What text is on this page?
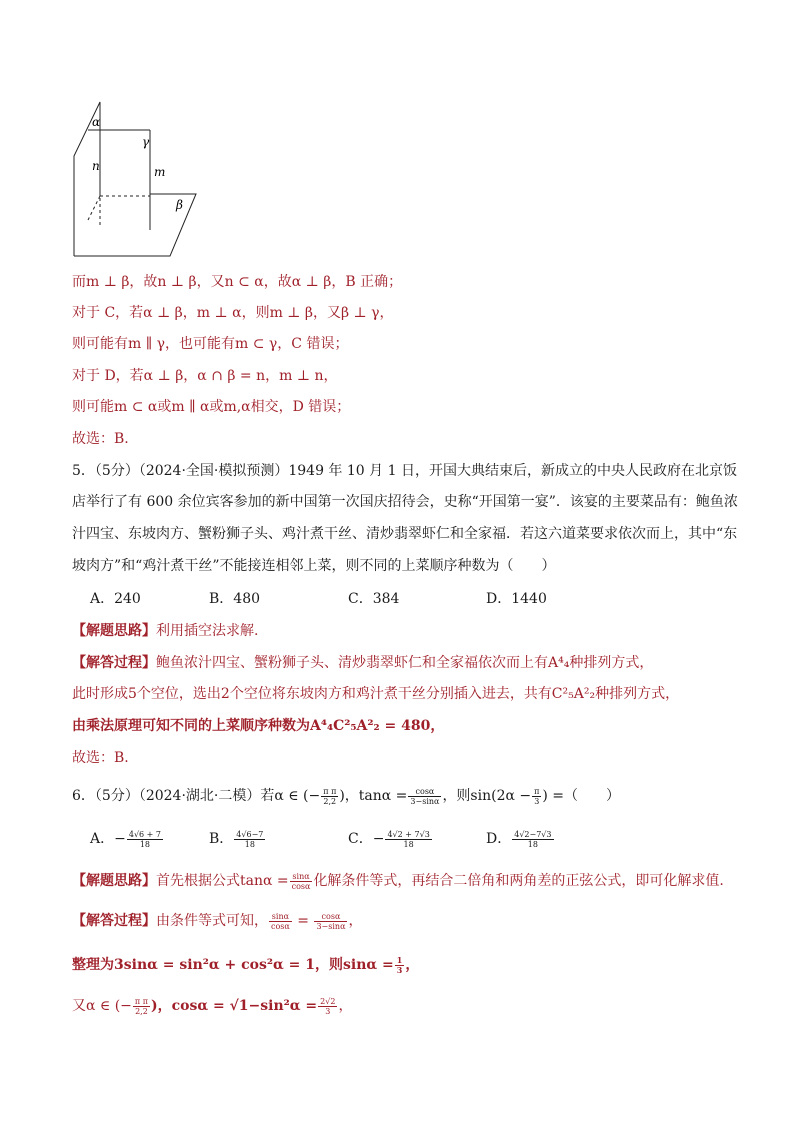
α
γ
n	m
β
而m ⊥ β，故n ⊥ β，又n ⊂ α，故α ⊥ β，B 正确；
对于 C，若α ⊥ β，m ⊥ α，则m ⊥ β，又β ⊥ γ，
则可能有m ∥ γ，也可能有m ⊂ γ，C 错误；
对于 D，若α ⊥ β，α ∩ β = n，m ⊥ n，
则可能m ⊂ α或m ∥ α或m,α相交，D 错误；
故选：B.
5．（5分）（2024·全国·模拟预测）1949 年 10 月 1 日，开国大典结束后，新成立的中央人民政府在北京饭
店举行了有 600 余位宾客参加的新中国第一次国庆招待会，史称“开国第一宴”．该宴的主要菜品有：鲍鱼浓
汁四宝、东坡肉方、蟹粉狮子头、鸡汁煮干丝、清炒翡翠虾仁和全家福．若这六道菜要求依次而上，其中“东
坡肉方”和“鸡汁煮干丝”不能接连相邻上菜，则不同的上菜顺序种数为（　　）
A．240	B．480	C．384	D．1440
【解题思路】利用插空法求解.
【解答过程】鲍鱼浓汁四宝、蟹粉狮子头、清炒翡翠虾仁和全家福依次而上有A⁴₄种排列方式，
此时形成5个空位，选出2个空位将东坡肉方和鸡汁煮干丝分别插入进去，共有C²₅A²₂种排列方式，
由乘法原理可知不同的上菜顺序种数为A⁴₄C²₅A²₂ = 480，
故选：B.
6．（5分）（2024·湖北·二模）若α ∈ (− $\frac{\text{π π}}{2,2}$ )，$\tan\alpha = \frac{\cos\alpha}{3-\sin\alpha}$ ，则$\sin(2\alpha - \frac{\pi}{3}$ ) =（　　）
A．− $\frac{4√6 + 7}{18}$	B． $\frac{4√6-7}{18}$	C．− $\frac{4√2 + 7√3}{18}$	D． $\frac{4√2-7√3}{18}$
【解题思路】首先根据公式$\tan\alpha = \frac{\sin\alpha}{\cos\alpha}$ 化解条件等式，再结合二倍角和两角差的正弦公式，即可化解求值.
【解答过程】由条件等式可知， $\frac{\sin\alpha}{\cos\alpha} = \frac{\cos\alpha}{3-\sin\alpha}$ ，
整理为3sinα = sin²α + cos²α = 1，则$\sin\alpha = \frac{1}{3}$ ，
又α ∈ (− $\frac{\text{π π}}{2,2}$ )，$\cos\alpha = √1-\sin^2\alpha = \frac{2√2}{3}$ ，
